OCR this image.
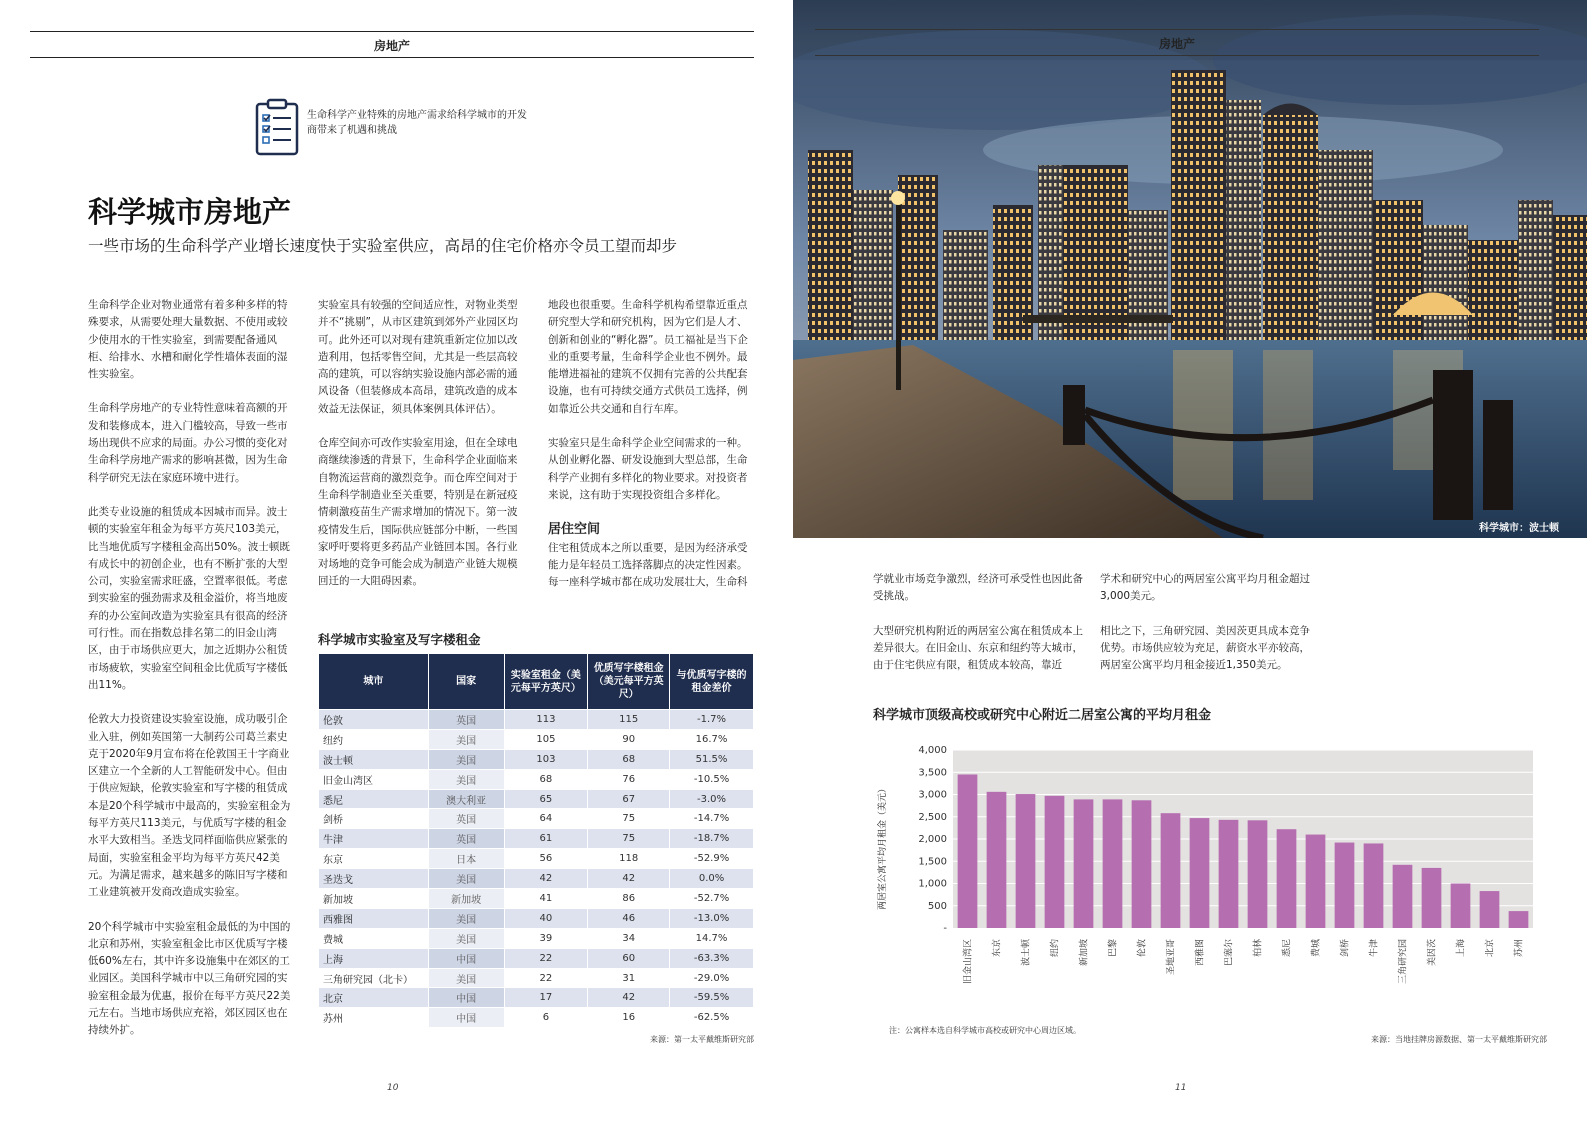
房地产
生命科学产业特殊的房地产需求给科学城市的开发商带来了机遇和挑战
科学城市房地产
一些市场的生命科学产业增长速度快于实验室供应，高昂的住宅价格亦令员工望而却步

生命科学企业对物业通常有着多种多样的特殊要求，从需要处理大量数据、不使用或较少使用水的干性实验室，到需要配备通风柜、给排水、水槽和耐化学性墙体表面的湿性实验室。

生命科学房地产的专业特性意味着高额的开发和装修成本，进入门槛较高，导致一些市场出现供不应求的局面。办公习惯的变化对生命科学房地产需求的影响甚微，因为生命科学研究无法在家庭环境中进行。

此类专业设施的租赁成本因城市而异。波士顿的实验室年租金为每平方英尺103美元，比当地优质写字楼租金高出50%。波士顿既有成长中的初创企业，也有不断扩张的大型公司，实验室需求旺盛，空置率很低。考虑到实验室的强劲需求及租金溢价，将当地废弃的办公室间改造为实验室具有很高的经济可行性。而在指数总排名第二的旧金山湾区，由于市场供应更大，加之近期办公租赁市场疲软，实验室空间租金比优质写字楼低出11%。

伦敦大力投资建设实验室设施，成功吸引企业入驻，例如英国第一大制药公司葛兰素史克于2020年9月宣布将在伦敦国王十字商业区建立一个全新的人工智能研发中心。但由于供应短缺，伦敦实验室和写字楼的租赁成本是20个科学城市中最高的，实验室租金为每平方英尺113美元，与优质写字楼的租金水平大致相当。圣迭戈同样面临供应紧张的局面，实验室租金平均为每平方英尺42美元。为满足需求，越来越多的陈旧写字楼和工业建筑被开发商改造成实验室。

20个科学城市中实验室租金最低的为中国的北京和苏州，实验室租金比市区优质写字楼低60%左右，其中许多设施集中在郊区的工业园区。美国科学城市中以三角研究园的实验室租金最为优惠，报价在每平方英尺22美元左右。当地市场供应充裕，郊区园区也在持续外扩。

实验室具有较强的空间适应性，对物业类型并不“挑剔”，从市区建筑到郊外产业园区均可。此外还可以对现有建筑重新定位加以改造利用，包括零售空间，尤其是一些层高较高的建筑，可以容纳实验设施内部必需的通风设备（但装修成本高昂，建筑改造的成本效益无法保证，须具体案例具体评估）。

仓库空间亦可改作实验室用途，但在全球电商继续渗透的背景下，生命科学企业面临来自物流运营商的激烈竞争。而仓库空间对于生命科学制造业至关重要，特别是在新冠疫情刺激疫苗生产需求增加的情况下。第一波疫情发生后，国际供应链部分中断，一些国家呼吁要将更多药品产业链回本国。各行业对场地的竞争可能会成为制造产业链大规模回迁的一大阻碍因素。

地段也很重要。生命科学机构希望靠近重点研究型大学和研究机构，因为它们是人才、创新和创业的“孵化器”。员工福祉是当下企业的重要考量，生命科学企业也不例外。最能增进福祉的建筑不仅拥有完善的公共配套设施，也有可持续交通方式供员工选择，例如靠近公共交通和自行车库。

实验室只是生命科学企业空间需求的一种。从创业孵化器、研发设施到大型总部，生命科学产业拥有多样化的物业要求。对投资者来说，这有助于实现投资组合多样化。

居住空间

住宅租赁成本之所以重要，是因为经济承受能力是年轻员工选择落脚点的决定性因素。每一座科学城市都在成功发展壮大，生命科

科学城市实验室及写字楼租金
城市	国家	实验室租金（美元每平方英尺）	优质写字楼租金（美元每平方英尺）	与优质写字楼的租金差价
伦敦	英国	113	115	-1.7%
纽约	美国	105	90	16.7%
波士顿	美国	103	68	51.5%
旧金山湾区	美国	68	76	-10.5%
悉尼	澳大利亚	65	67	-3.0%
剑桥	英国	64	75	-14.7%
牛津	英国	61	75	-18.7%
东京	日本	56	118	-52.9%
圣迭戈	美国	42	42	0.0%
新加坡	新加坡	41	86	-52.7%
西雅图	美国	40	46	-13.0%
费城	美国	39	34	14.7%
上海	中国	22	60	-63.3%
三角研究园（北卡）	美国	22	31	-29.0%
北京	中国	17	42	-59.5%
苏州	中国	6	16	-62.5%
来源：第一太平戴维斯研究部
10
房地产
科学城市：波士顿

学就业市场竞争激烈，经济可承受性也因此备受挑战。

大型研究机构附近的两居室公寓在租赁成本上差异很大。在旧金山、东京和纽约等大城市，由于住宅供应有限，租赁成本较高，靠近

学术和研究中心的两居室公寓平均月租金超过3,000美元。

相比之下，三角研究园、美因茨更具成本竞争优势。市场供应较为充足，薪资水平亦较高，两居室公寓平均月租金接近1,350美元。

科学城市顶级高校或研究中心附近二居室公寓的平均月租金
两居室公寓平均月租金（美元）
-
500
1,000
1,500
2,000
2,500
3,000
3,500
4,000
旧金山湾区 东京 波士顿 纽约 新加坡 巴黎 伦敦 圣地亚哥 西雅图 巴塞尔 柏林 悉尼 费城 剑桥 牛津 三角研究园 美因茨 上海 北京 苏州
注：公寓样本选自科学城市高校或研究中心周边区域。
来源：当地挂牌房源数据、第一太平戴维斯研究部
11
